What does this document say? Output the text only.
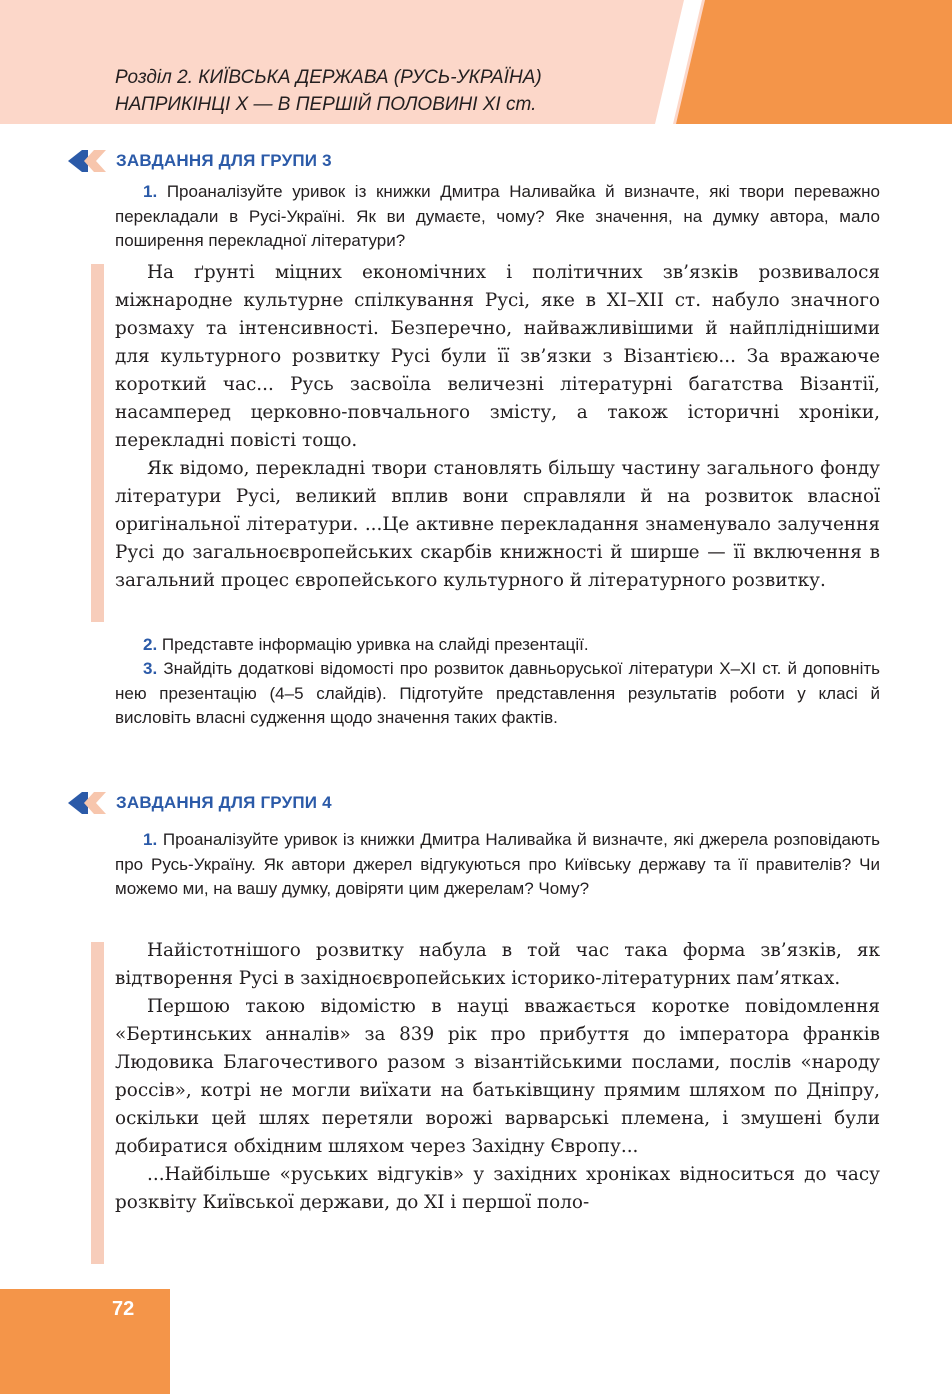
Розділ 2. КИЇВСЬКА ДЕРЖАВА (РУСЬ-УКРАЇНА)
НАПРИКІНЦІ Х — В ПЕРШІЙ ПОЛОВИНІ ХІ ст.
ЗАВДАННЯ ДЛЯ ГРУПИ 3

1. Проаналізуйте уривок із книжки Дмитра Наливайка й визначте, які твори переважно перекладали в Русі-Україні. Як ви думаєте, чому? Яке значення, на думку автора, мало поширення перекладної літератури?

На ґрунті міцних економічних і політичних зв’язків розвивалося міжнародне культурне спілкування Русі, яке в XI–XII ст. набуло значного розмаху та інтенсивності. Безперечно, найважливішими й найпліднішими для культурного розвитку Русі були її зв’язки з Візантією... За вражаюче короткий час... Русь засвоїла величезні літературні багатства Візантії, насамперед церковно-повчального змісту, а також історичні хроніки, перекладні повісті тощо.

Як відомо, перекладні твори становлять більшу частину загального фонду літератури Русі, великий вплив вони справляли й на розвиток власної оригінальної літератури. ...Це активне перекладання знаменувало залучення Русі до загальноєвропейських скарбів книжності й ширше — її включення в загальний процес європейського культурного й літературного розвитку.

2. Представте інформацію уривка на слайді презентації.

3. Знайдіть додаткові відомості про розвиток давньоруської літератури Х–ХІ ст. й доповніть нею презентацію (4–5 слайдів). Підготуйте представлення результатів роботи у класі й висловіть власні судження щодо значення таких фактів.

ЗАВДАННЯ ДЛЯ ГРУПИ 4

1. Проаналізуйте уривок із книжки Дмитра Наливайка й визначте, які джерела розповідають про Русь-Україну. Як автори джерел відгукуються про Київську державу та її правителів? Чи можемо ми, на вашу думку, довіряти цим джерелам? Чому?

Найістотнішого розвитку набула в той час така форма зв’язків, як відтворення Русі в західноєвропейських історико-літературних пам’ятках.

Першою такою відомістю в науці вважається коротке повідомлення «Бертинських анналів» за 839 рік про прибуття до імператора франків Людовика Благочестивого разом з візантійськими послами, послів «народу россів», котрі не могли виїхати на батьківщину прямим шляхом по Дніпру, оскільки цей шлях перетяли ворожі варварські племена, і змушені були добиратися обхідним шляхом через Західну Європу...

...Найбільше «руських відгуків» у західних хроніках відноситься до часу розквіту Київської держави, до XI і першої поло-

72
